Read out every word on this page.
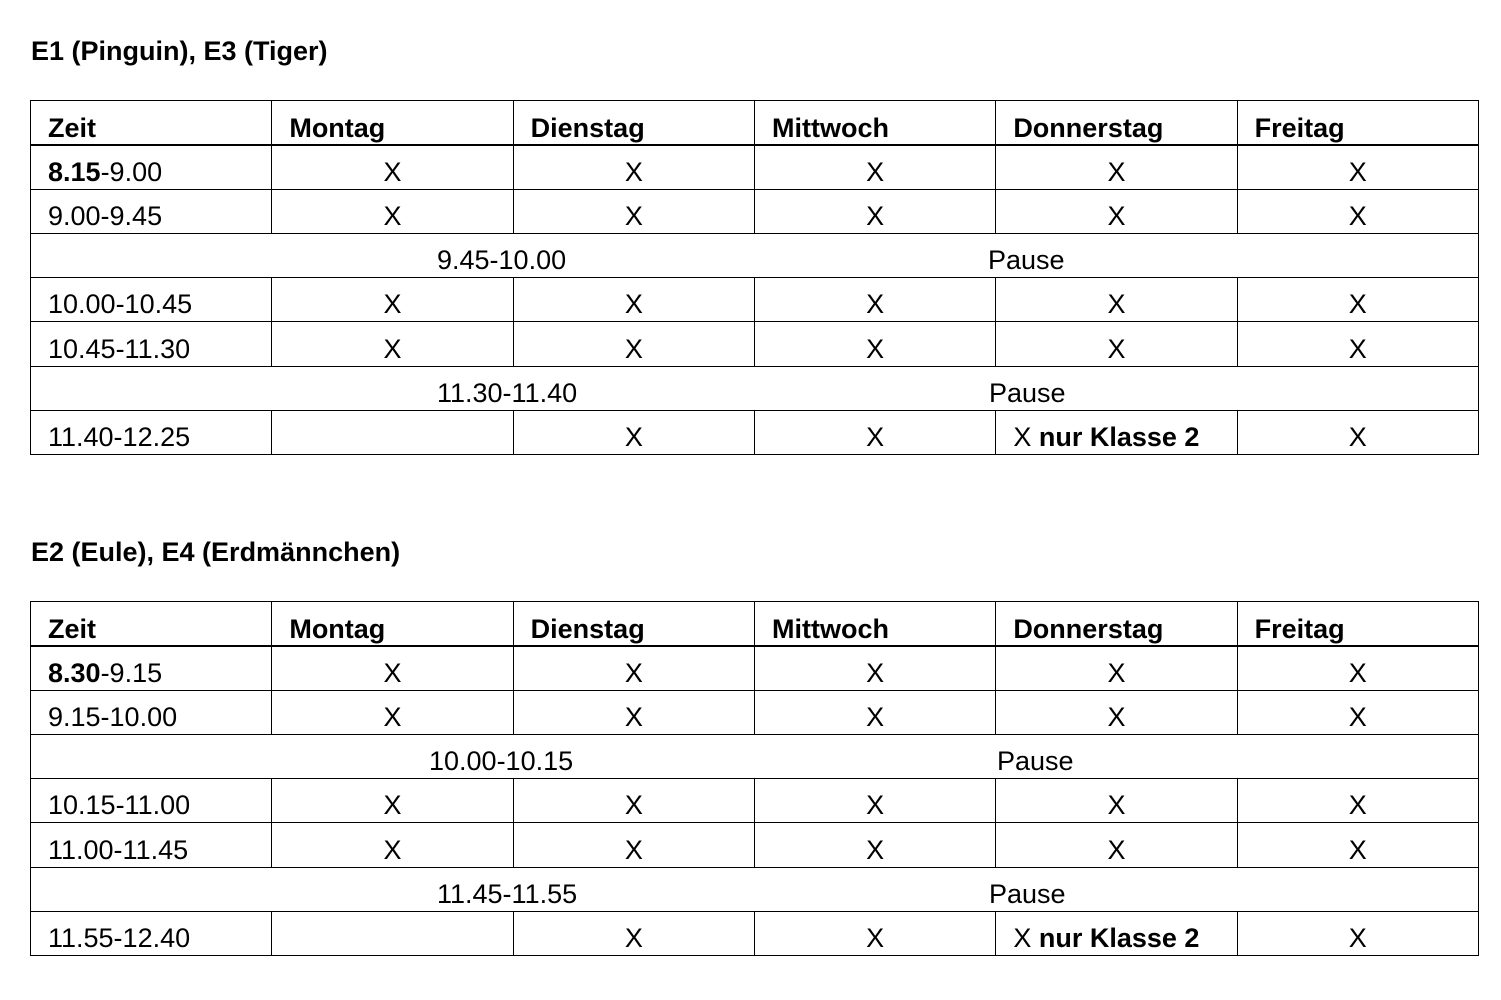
E1 (Pinguin), E3 (Tiger)
Zeit	Montag	Dienstag	Mittwoch	Donnerstag	Freitag
8.15-9.00	X	X	X	X	X
9.00-9.45	X	X	X	X	X

9.45-10.00 Pause					

10.00-10.45	X	X	X	X	X
10.45-11.30	X	X	X	X	X

11.30-11.40 Pause					

11.40-12.25		X	X	X nur Klasse 2	X
E2 (Eule), E4 (Erdmännchen)
Zeit	Montag	Dienstag	Mittwoch	Donnerstag	Freitag
8.30-9.15	X	X	X	X	X
9.15-10.00	X	X	X	X	X

10.00-10.15 Pause					

10.15-11.00	X	X	X	X	X
11.00-11.45	X	X	X	X	X

11.45-11.55 Pause					

11.55-12.40		X	X	X nur Klasse 2	X
